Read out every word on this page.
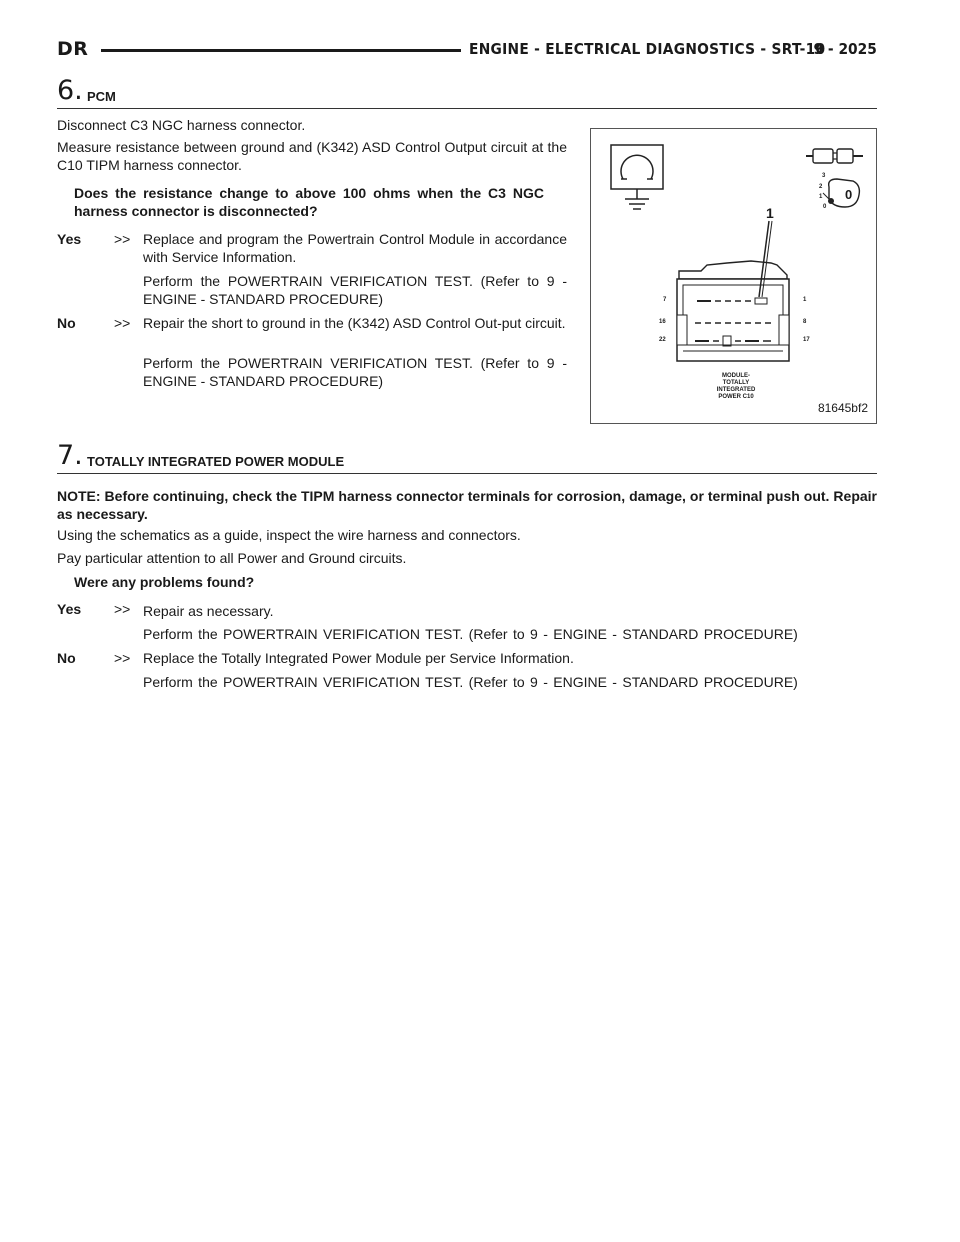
DR	ENGINE - ELECTRICAL DIAGNOSTICS - SRT-10
9 - 2025
6. PCM

Disconnect C3 NGC harness connector.

Measure resistance between ground and (K342) ASD Control Output circuit at the C10 TIPM harness connector.

Does the resistance change to above 100 ohms when the C3 NGC harness connector is disconnected?

Yes >> Replace and program the Powertrain Control Module in accordance with Service Information.

Perform the POWERTRAIN VERIFICATION TEST. (Refer to 9 - ENGINE - STANDARD PROCEDURE)

No	>> Repair the short to ground in the (K342) ASD Control Out-put circuit.

Perform the POWERTRAIN VERIFICATION TEST. (Refer to 9 - ENGINE - STANDARD PROCEDURE)

1
3
2
1
0
0
7	1
16	8
22	17
MODULE-
TOTALLY
INTEGRATED
POWER C10
81645bf2
7. TOTALLY INTEGRATED POWER MODULE

NOTE: Before continuing, check the TIPM harness connector terminals for corrosion, damage, or terminal push out. Repair as necessary.

Using the schematics as a guide, inspect the wire harness and connectors.

Pay particular attention to all Power and Ground circuits.

Were any problems found?

Yes >> Repair as necessary.

Perform the POWERTRAIN VERIFICATION TEST. (Refer to 9 - ENGINE - STANDARD PROCEDURE)

No	>> Replace the Totally Integrated Power Module per Service Information.

Perform the POWERTRAIN VERIFICATION TEST. (Refer to 9 - ENGINE - STANDARD PROCEDURE)
